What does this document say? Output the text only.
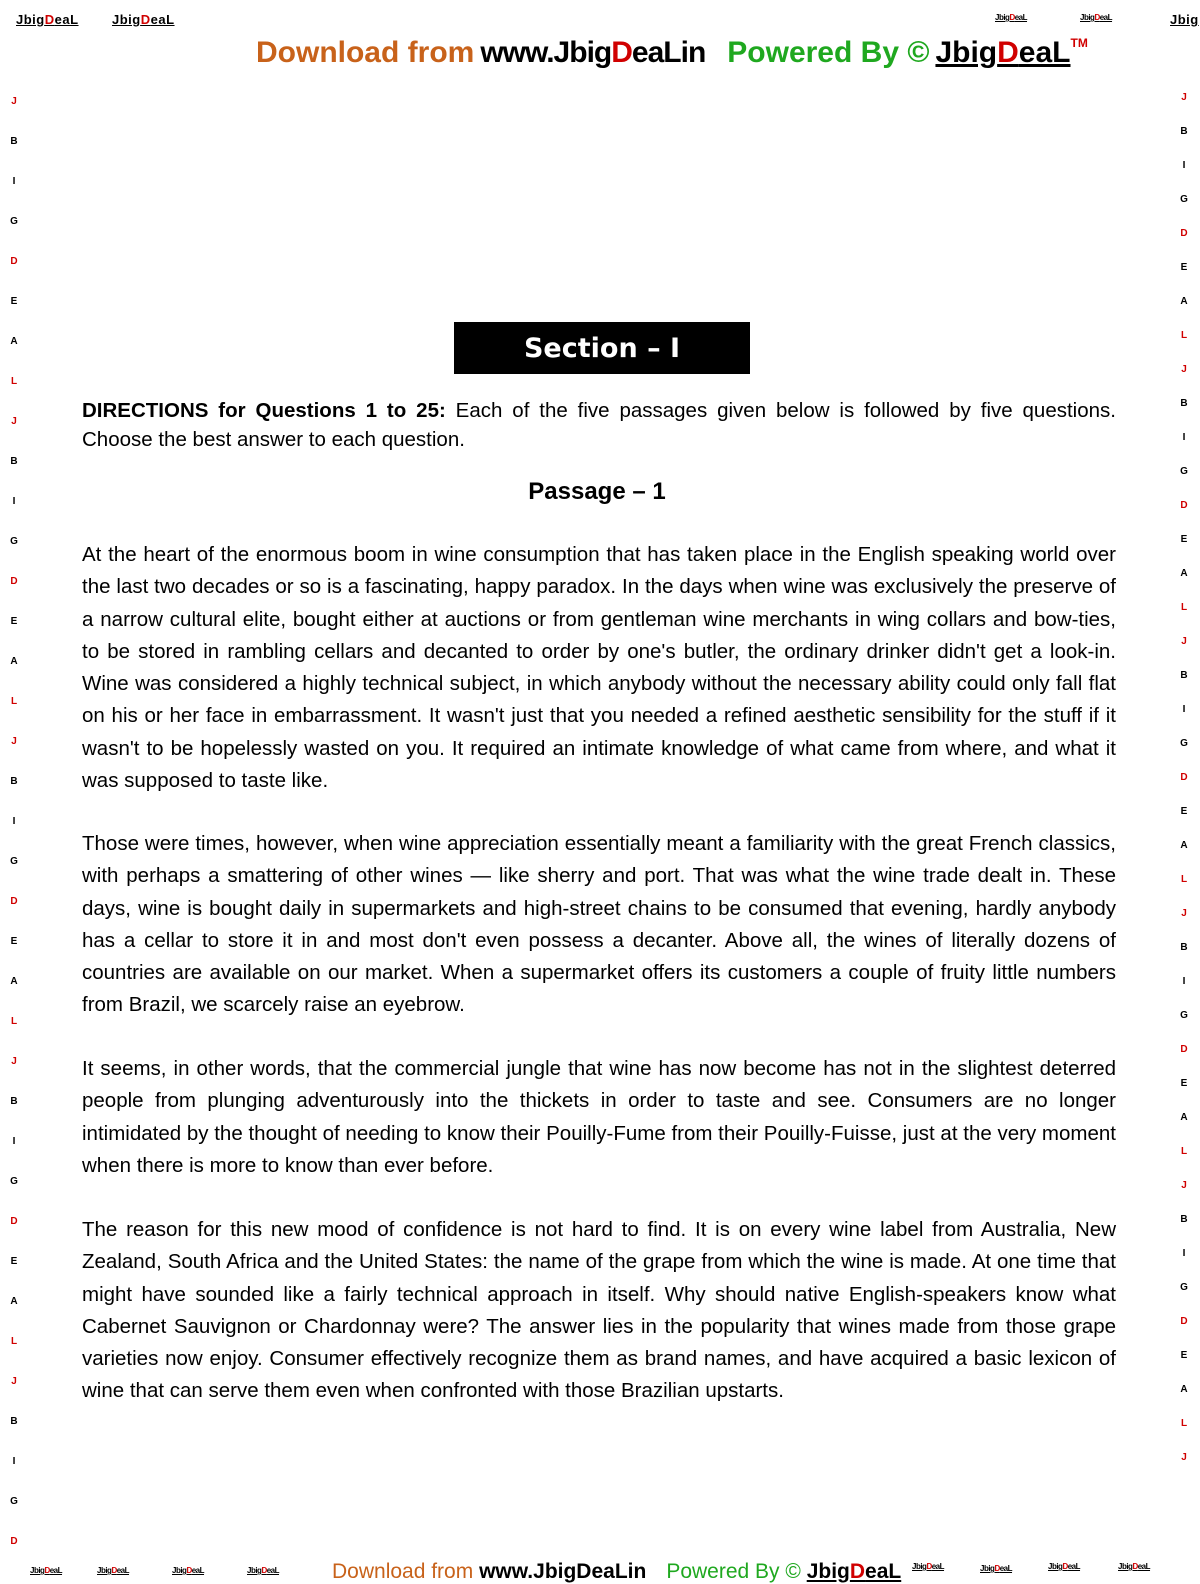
JbigDeaL	JbigDeaL	JbigDeaL	JbigDeaL	Jbig
Download from www.JbigDeaLin Powered By © JbigDeaL™
J
B
I
G
D
E
A
L
J
B
I
G
D
E
A
L
J
B
I
G
D
E
A
L
J
B
I
G
D
E
A
L
J
B
I
G
D
J
B
I
G
D
E
A
L
J
B
I
G
D
E
A
L
J
B
I
G
D
E
A
L
J
B
I
G
D
E
A
L
J
B
I
G
D
E
A
L
J
Section – I
DIRECTIONS for Questions 1 to 25: Each of the five passages given below is followed by five questions. Choose the best answer to each question.
Passage – 1

At the heart of the enormous boom in wine consumption that has taken place in the English speaking world over the last two decades or so is a fascinating, happy paradox. In the days when wine was exclusively the preserve of a narrow cultural elite, bought either at auctions or from gentleman wine merchants in wing collars and bow-ties, to be stored in rambling cellars and decanted to order by one's butler, the ordinary drinker didn't get a look-in. Wine was considered a highly technical subject, in which anybody without the necessary ability could only fall flat on his or her face in embarrassment. It wasn't just that you needed a refined aesthetic sensibility for the stuff if it wasn't to be hopelessly wasted on you. It required an intimate knowledge of what came from where, and what it was supposed to taste like.

Those were times, however, when wine appreciation essentially meant a familiarity with the great French classics, with perhaps a smattering of other wines — like sherry and port. That was what the wine trade dealt in. These days, wine is bought daily in supermarkets and high-street chains to be consumed that evening, hardly anybody has a cellar to store it in and most don't even possess a decanter. Above all, the wines of literally dozens of countries are available on our market. When a supermarket offers its customers a couple of fruity little numbers from Brazil, we scarcely raise an eyebrow.

It seems, in other words, that the commercial jungle that wine has now become has not in the slightest deterred people from plunging adventurously into the thickets in order to taste and see. Consumers are no longer intimidated by the thought of needing to know their Pouilly-Fume from their Pouilly-Fuisse, just at the very moment when there is more to know than ever before.

The reason for this new mood of confidence is not hard to find. It is on every wine label from Australia, New Zealand, South Africa and the United States: the name of the grape from which the wine is made. At one time that might have sounded like a fairly technical approach in itself. Why should native English-speakers know what Cabernet Sauvignon or Chardonnay were? The answer lies in the popularity that wines made from those grape varieties now enjoy. Consumer effectively recognize them as brand names, and have acquired a basic lexicon of wine that can serve them even when confronted with those Brazilian upstarts.

JbigDeaL	JbigDeaL	JbigDeaL	JbigDeaL	JbigDeaL	JbigDeaL	JbigDeaL	JbigDeaL
Download from www.JbigDeaLin Powered By © JbigDeaL
